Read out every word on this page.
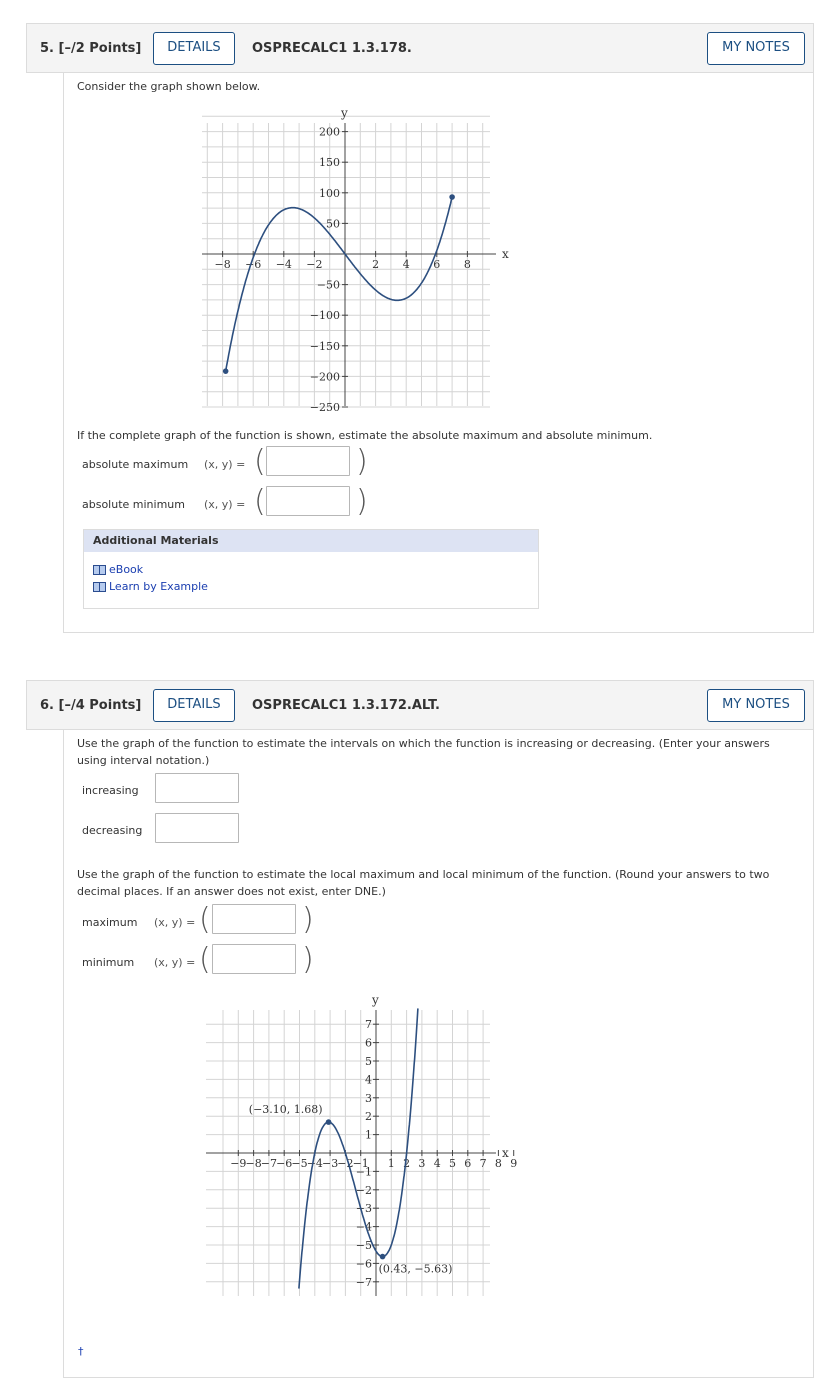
5. [–/2 Points]	DETAILS	OSPRECALC1 1.3.178.	MY NOTES
Consider the graph shown below.
x
y
−8 −6 −4 −2	2 4 6 8
200
150
100
50
−50
−100
−150
−200
−250
If the complete graph of the function is shown, estimate the absolute maximum and absolute minimum.
absolute maximum (x, y) = (	)
absolute minimum (x, y) = (	)
Additional Materials
eBook
Learn by Example
6. [–/4 Points]	DETAILS	OSPRECALC1 1.3.172.ALT.	MY NOTES
Use the graph of the function to estimate the intervals on which the function is increasing or decreasing. (Enter your answers using interval notation.)
increasing
decreasing
Use the graph of the function to estimate the local maximum and local minimum of the function. (Round your answers to two decimal places. If an answer does not exist, enter DNE.)
maximum (x, y) = (	)
minimum (x, y) = (	)
x
y
−9 −8 −7 −6 −5 −4 −3 −2 −1 1 2 3 4 5 6 7 8 9
7
6
5
4
3
2
1
−1
−2
−3
−4
−5
−6
−7
(−3.10, 1.68)
(0.43, −5.63)
†
